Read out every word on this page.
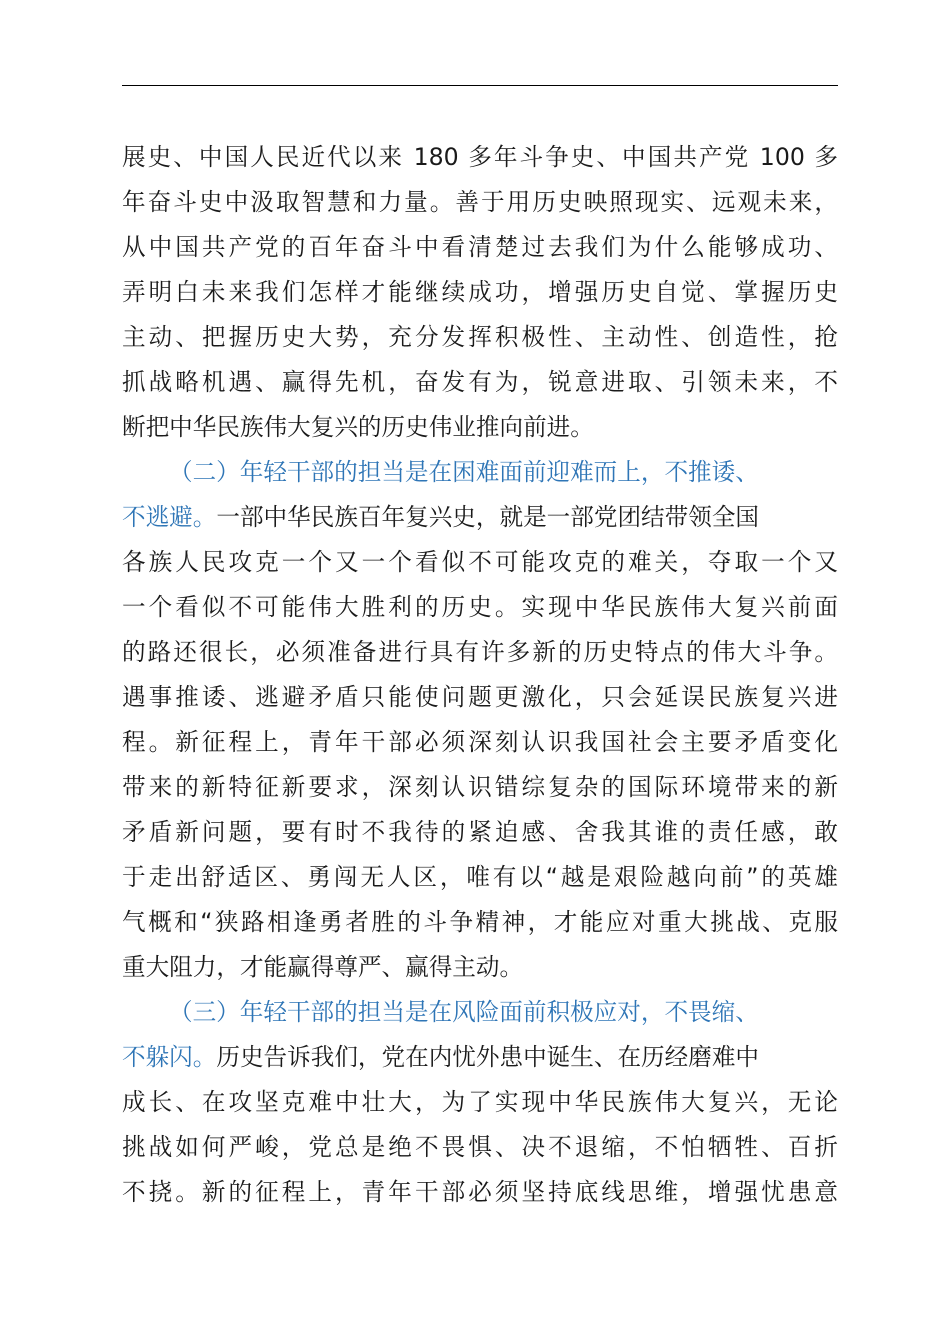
展史、中国人民近代以来 180 多年斗争史、中国共产党 100 多
年奋斗史中汲取智慧和力量。善于用历史映照现实、远观未来，
从中国共产党的百年奋斗中看清楚过去我们为什么能够成功、
弄明白未来我们怎样才能继续成功，增强历史自觉、掌握历史
主动、把握历史大势，充分发挥积极性、主动性、创造性，抢
抓战略机遇、赢得先机，奋发有为，锐意进取、引领未来，不
断把中华民族伟大复兴的历史伟业推向前进。
（二）年轻干部的担当是在困难面前迎难而上，不推诿、
不逃避。一部中华民族百年复兴史，就是一部党团结带领全国
各族人民攻克一个又一个看似不可能攻克的难关，夺取一个又
一个看似不可能伟大胜利的历史。实现中华民族伟大复兴前面
的路还很长，必须准备进行具有许多新的历史特点的伟大斗争。
遇事推诿、逃避矛盾只能使问题更激化，只会延误民族复兴进
程。新征程上，青年干部必须深刻认识我国社会主要矛盾变化
带来的新特征新要求，深刻认识错综复杂的国际环境带来的新
矛盾新问题，要有时不我待的紧迫感、舍我其谁的责任感，敢
于走出舒适区、勇闯无人区，唯有以“越是艰险越向前”的英雄
气概和“狭路相逢勇者胜的斗争精神，才能应对重大挑战、克服
重大阻力，才能赢得尊严、赢得主动。
（三）年轻干部的担当是在风险面前积极应对，不畏缩、
不躲闪。历史告诉我们，党在内忧外患中诞生、在历经磨难中
成长、在攻坚克难中壮大，为了实现中华民族伟大复兴，无论
挑战如何严峻，党总是绝不畏惧、决不退缩，不怕牺牲、百折
不挠。新的征程上，青年干部必须坚持底线思维，增强忧患意
